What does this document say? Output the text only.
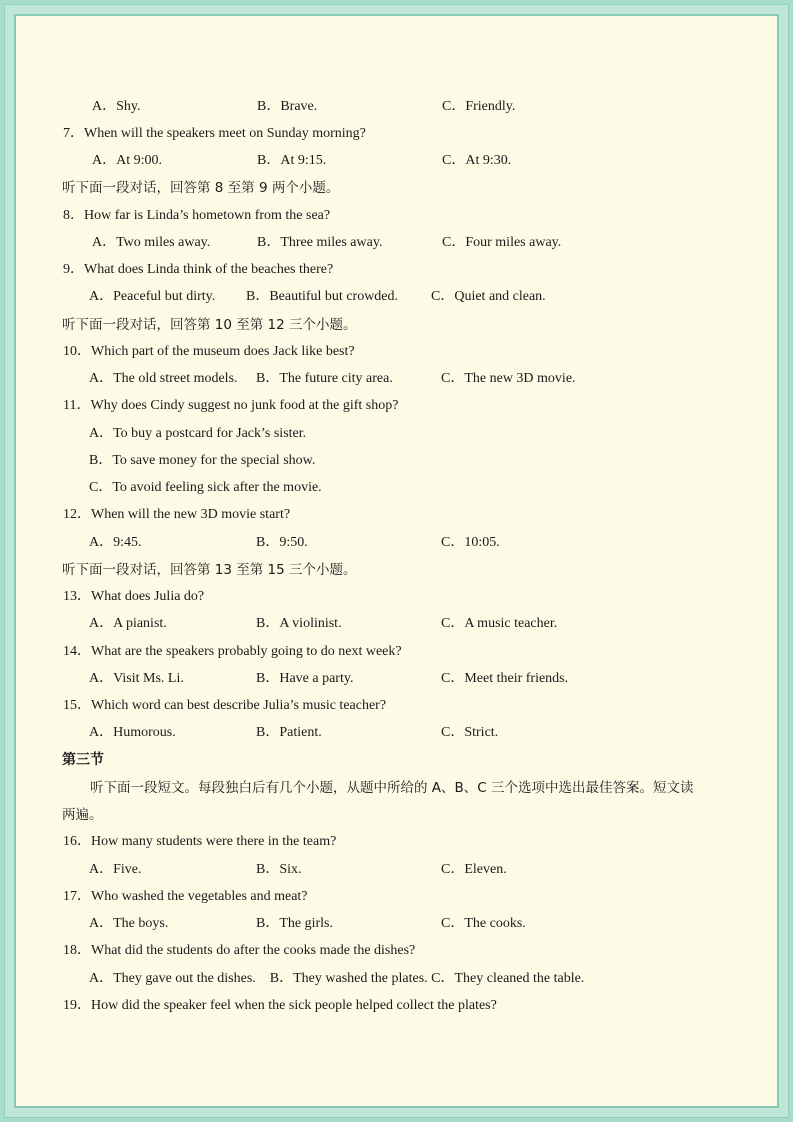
A．Shy.	B．Brave.	C．Friendly.
7．When will the speakers meet on Sunday morning?
A．At 9:00.	B．At 9:15.	C．At 9:30.
听下面一段对话，回答第 8 至第 9 两个小题。
8．How far is Linda’s hometown from the sea?
A．Two miles away.	B．Three miles away.	C．Four miles away.
9．What does Linda think of the beaches there?
A．Peaceful but dirty.	B．Beautiful but crowded.	C．Quiet and clean.
听下面一段对话，回答第 10 至第 12 三个小题。
10．Which part of the museum does Jack like best?
A．The old street models.	B．The future city area.	C．The new 3D movie.
11．Why does Cindy suggest no junk food at the gift shop?
A．To buy a postcard for Jack’s sister.
B．To save money for the special show.
C．To avoid feeling sick after the movie.
12．When will the new 3D movie start?
A．9:45.	B．9:50.	C．10:05.
听下面一段对话，回答第 13 至第 15 三个小题。
13．What does Julia do?
A．A pianist.	B．A violinist.	C．A music teacher.
14．What are the speakers probably going to do next week?
A．Visit Ms. Li.	B．Have a party.	C．Meet their friends.
15．Which word can best describe Julia’s music teacher?
A．Humorous.	B．Patient.	C．Strict.
第三节
听下面一段短文。每段独白后有几个小题，从题中所给的 A、B、C 三个选项中选出最佳答案。短文读
两遍。
16．How many students were there in the team?
A．Five.	B．Six.	C．Eleven.
17．Who washed the vegetables and meat?
A．The boys.	B．The girls.	C．The cooks.
18．What did the students do after the cooks made the dishes?
A．They gave out the dishes.　B．They washed the plates. C．They cleaned the table.
19．How did the speaker feel when the sick people helped collect the plates?
